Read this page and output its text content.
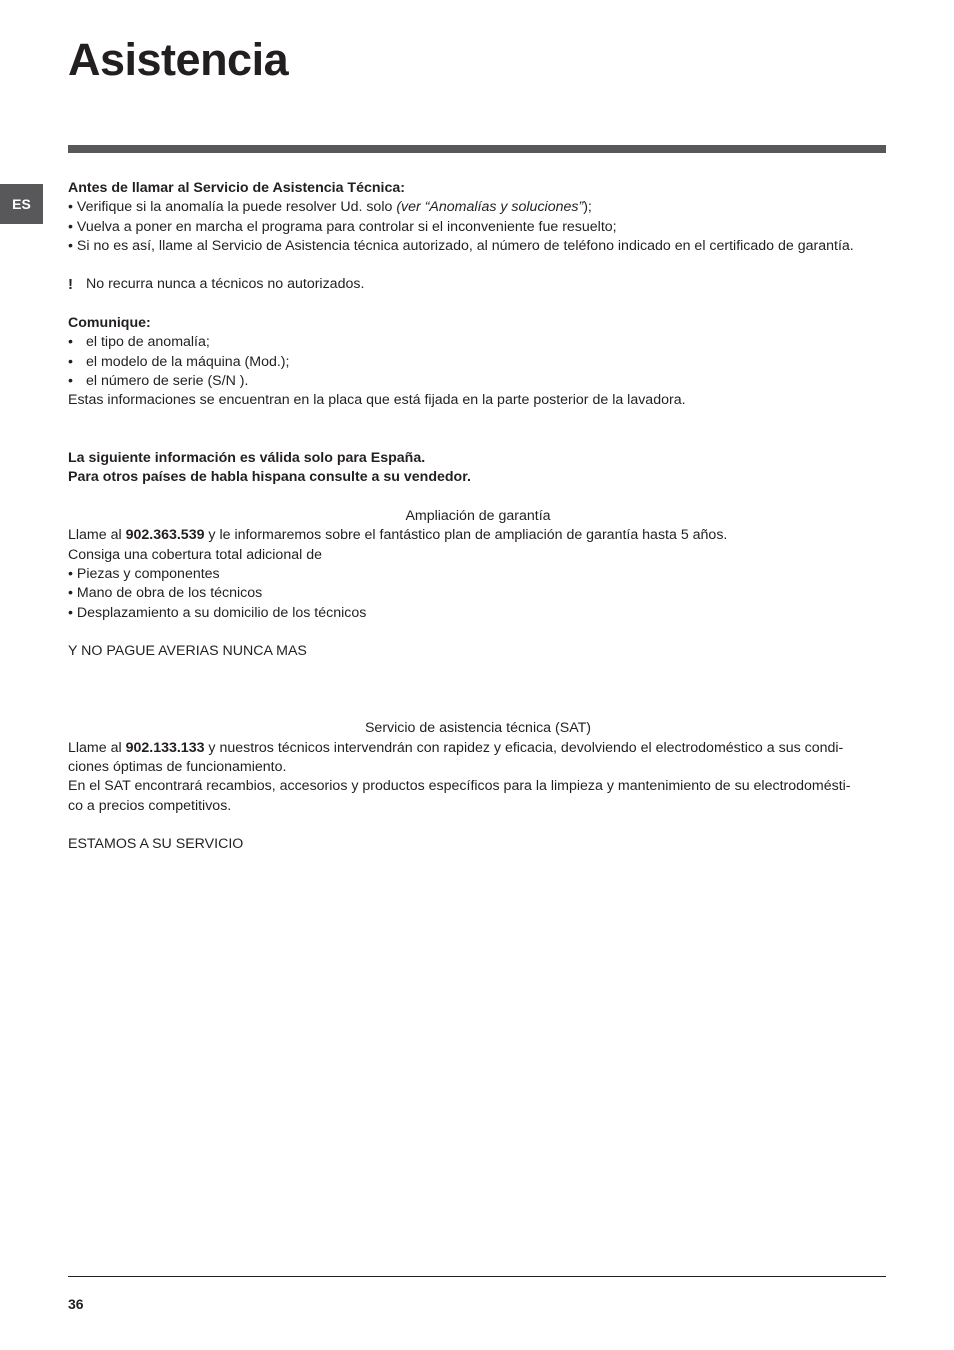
Asistencia
ES
Antes de llamar al Servicio de Asistencia Técnica:
• Verifique si la anomalía la puede resolver Ud. solo (ver “Anomalías y soluciones”);
• Vuelva a poner en marcha el programa para controlar si el inconveniente fue resuelto;
• Si no es así, llame al Servicio de Asistencia técnica autorizado, al número de teléfono indicado en el certificado de garantía.
! No recurra nunca a técnicos no autorizados.
Comunique:
• el tipo de anomalía;
• el modelo de la máquina (Mod.);
• el número de serie (S/N ).
Estas informaciones se encuentran en la placa que está fijada en la parte posterior de la lavadora.
La siguiente información es válida solo para España.
Para otros países de habla hispana consulte a su vendedor.
Ampliación de garantía
Llame al 902.363.539 y le informaremos sobre el fantástico plan de ampliación de garantía hasta 5 años.
Consiga una cobertura total adicional de
• Piezas y componentes
• Mano de obra de los técnicos
• Desplazamiento a su domicilio de los técnicos
Y NO PAGUE AVERIAS NUNCA MAS
Servicio de asistencia técnica (SAT)
Llame al 902.133.133 y nuestros técnicos intervendrán con rapidez y eficacia, devolviendo el electrodoméstico a sus condi-
ciones óptimas de funcionamiento.
En el SAT encontrará recambios, accesorios y productos específicos para la limpieza y mantenimiento de su electrodomésti-
co a precios competitivos.
ESTAMOS A SU SERVICIO
36
